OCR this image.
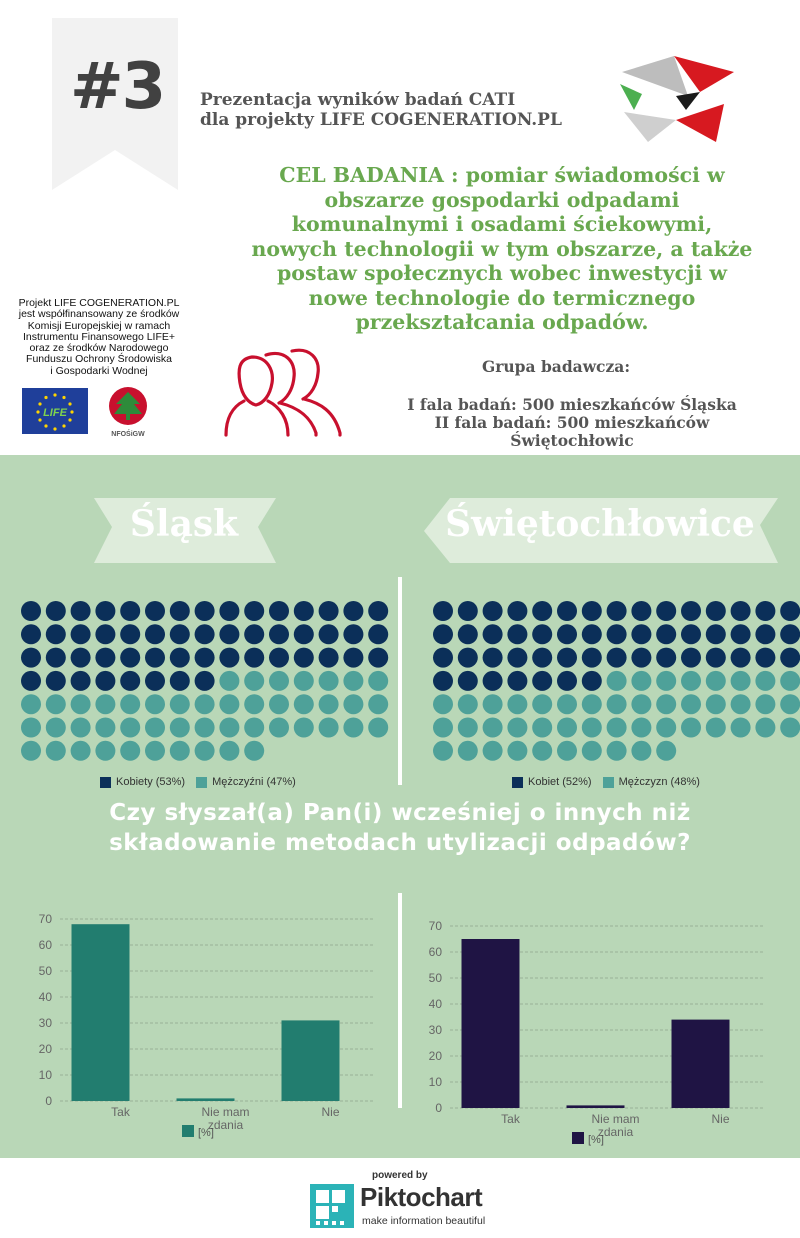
#3 Prezentacja wyników badań CATI
dla projekty LIFE COGENERATION.PL
CEL BADANIA : pomiar świadomości w
obszarze gospodarki odpadami
komunalnymi i osadami ściekowymi,
nowych technologii w tym obszarze, a także
postaw społecznych wobec inwestycji w
nowe technologie do termicznego
przekształcania odpadów.
Projekt LIFE COGENERATION.PL
jest współfinansowany ze środków
Komisji Europejskiej w ramach
Instrumentu Finansowego LIFE+
oraz ze środków Narodowego
Funduszu Ochrony Środowiska
i Gospodarki Wodnej
LIFE
NFOŚiGW
Grupa badawcza:
I fala badań: 500 mieszkańców Śląska
II fala badań: 500 mieszkańców
Świętochłowic
Śląsk	Świętochłowice
Kobiety (53%) Mężczyźni (47%)	Kobiet (52%) Mężczyzn (48%)
Czy słyszał(a) Pan(i) wcześniej o innych niż
składowanie metodach utylizacji odpadów?
0
10
20
30
40
50
60
70
Tak	Nie mam zdania
Nie
[%]
0
10
20
30
40
50
60
70
Tak	Nie mam zdania
Nie
[%]
powered by
Piktochart
make information beautiful
